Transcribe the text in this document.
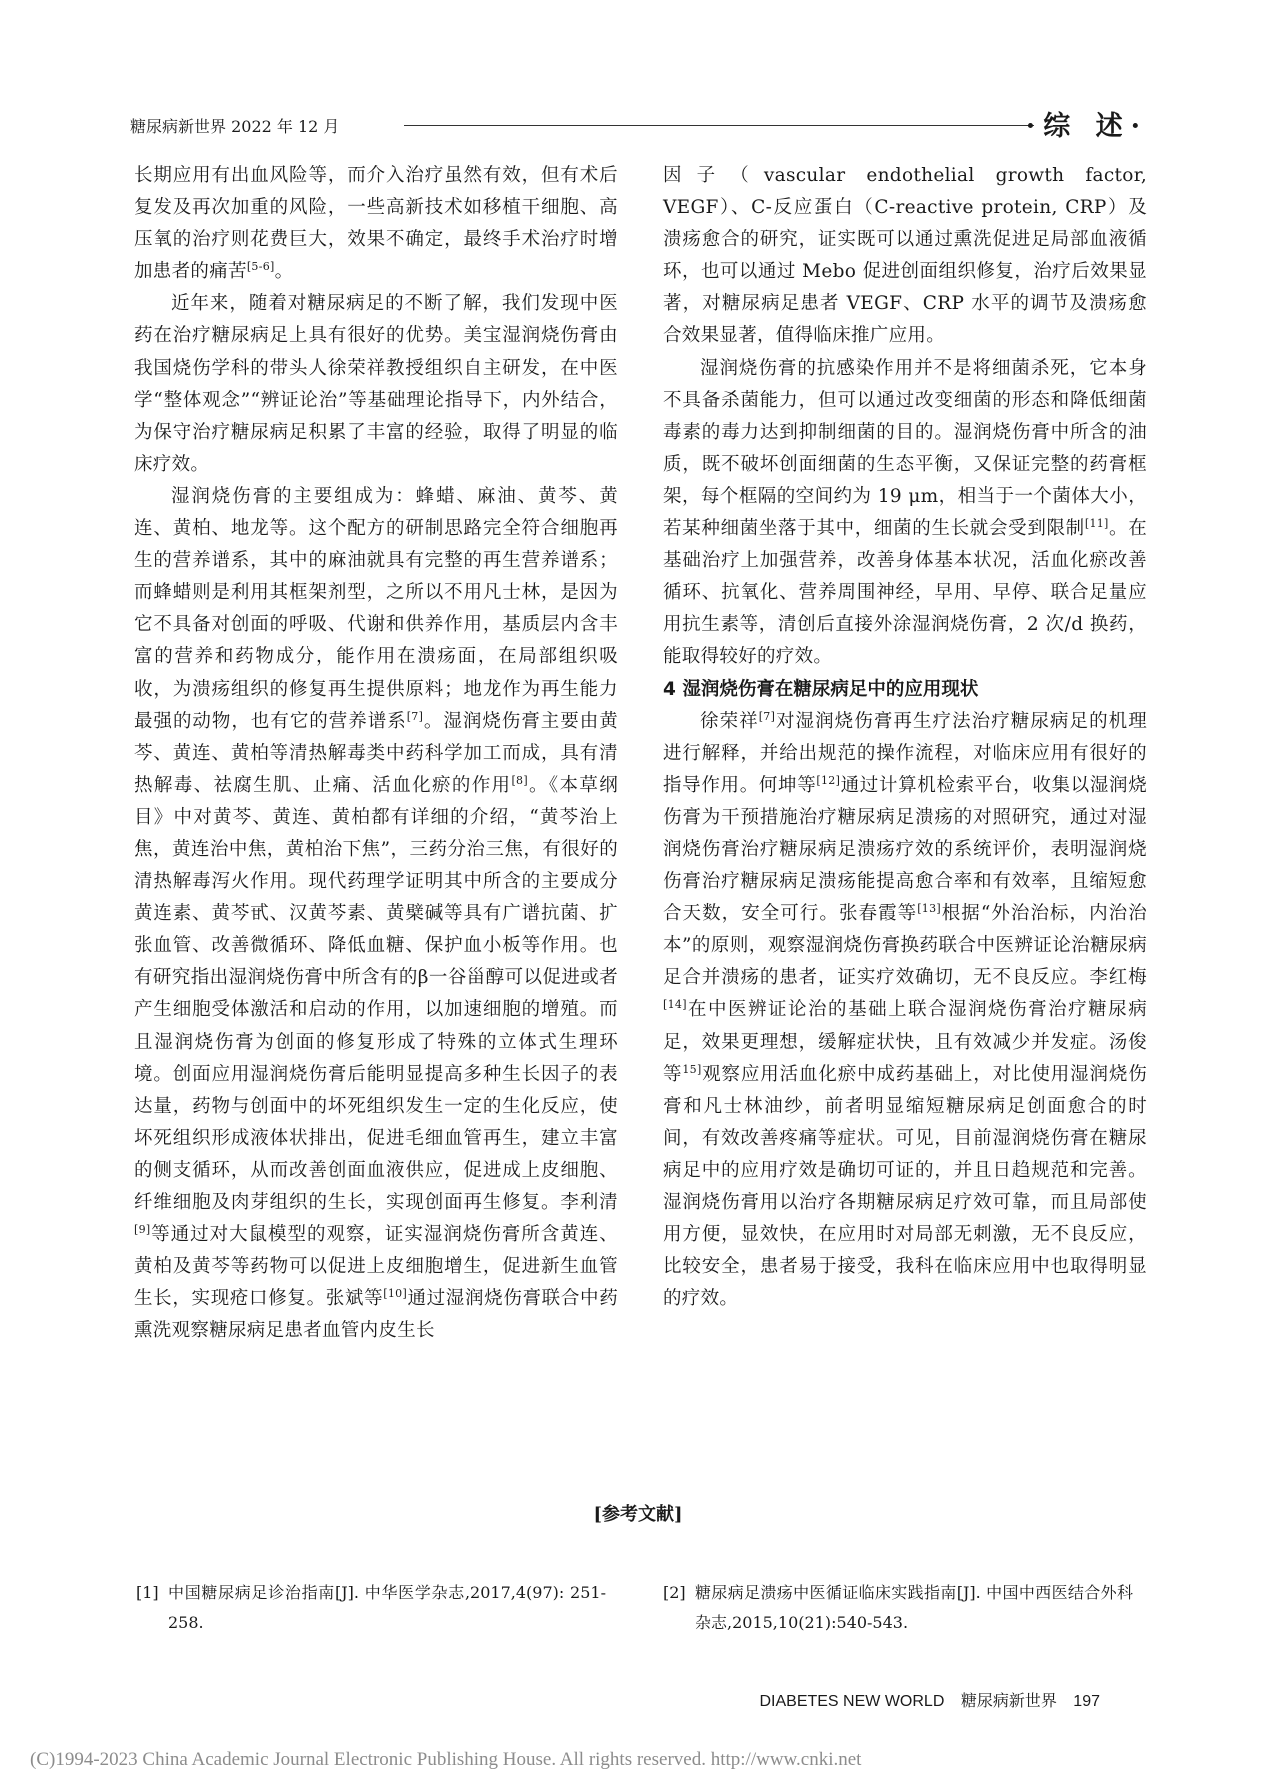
糖尿病新世界 2022 年 12 月	·综 述·

长期应用有出血风险等，而介入治疗虽然有效，但有术后复发及再次加重的风险，一些高新技术如移植干细胞、高压氧的治疗则花费巨大，效果不确定，最终手术治疗时增加患者的痛苦[5-6]。

近年来，随着对糖尿病足的不断了解，我们发现中医药在治疗糖尿病足上具有很好的优势。美宝湿润烧伤膏由我国烧伤学科的带头人徐荣祥教授组织自主研发，在中医学“整体观念”“辨证论治”等基础理论指导下，内外结合，为保守治疗糖尿病足积累了丰富的经验，取得了明显的临床疗效。

湿润烧伤膏的主要组成为：蜂蜡、麻油、黄芩、黄连、黄柏、地龙等。这个配方的研制思路完全符合细胞再生的营养谱系，其中的麻油就具有完整的再生营养谱系；而蜂蜡则是利用其框架剂型，之所以不用凡士林，是因为它不具备对创面的呼吸、代谢和供养作用，基质层内含丰富的营养和药物成分，能作用在溃疡面，在局部组织吸收，为溃疡组织的修复再生提供原料；地龙作为再生能力最强的动物，也有它的营养谱系[7]。湿润烧伤膏主要由黄芩、黄连、黄柏等清热解毒类中药科学加工而成，具有清热解毒、祛腐生肌、止痛、活血化瘀的作用[8]。《本草纲目》中对黄芩、黄连、黄柏都有详细的介绍，“黄芩治上焦，黄连治中焦，黄柏治下焦”，三药分治三焦，有很好的清热解毒泻火作用。现代药理学证明其中所含的主要成分黄连素、黄芩甙、汉黄芩素、黄檗碱等具有广谱抗菌、扩张血管、改善微循环、降低血糖、保护血小板等作用。也有研究指出湿润烧伤膏中所含有的β一谷甾醇可以促进或者产生细胞受体激活和启动的作用，以加速细胞的增殖。而且湿润烧伤膏为创面的修复形成了特殊的立体式生理环境。创面应用湿润烧伤膏后能明显提高多种生长因子的表达量，药物与创面中的坏死组织发生一定的生化反应，使坏死组织形成液体状排出，促进毛细血管再生，建立丰富的侧支循环，从而改善创面血液供应，促进成上皮细胞、纤维细胞及肉芽组织的生长，实现创面再生修复。李利清[9]等通过对大鼠模型的观察，证实湿润烧伤膏所含黄连、黄柏及黄芩等药物可以促进上皮细胞增生，促进新生血管生长，实现疮口修复。张斌等[10]通过湿润烧伤膏联合中药熏洗观察糖尿病足患者血管内皮生长

因子（vascular endothelial growth factor, VEGF）、C-反应蛋白（C-reactive protein, CRP）及溃疡愈合的研究，证实既可以通过熏洗促进足局部血液循环，也可以通过 Mebo 促进创面组织修复，治疗后效果显著，对糖尿病足患者 VEGF、CRP 水平的调节及溃疡愈合效果显著，值得临床推广应用。

湿润烧伤膏的抗感染作用并不是将细菌杀死，它本身不具备杀菌能力，但可以通过改变细菌的形态和降低细菌毒素的毒力达到抑制细菌的目的。湿润烧伤膏中所含的油质，既不破坏创面细菌的生态平衡，又保证完整的药膏框架，每个框隔的空间约为 19 μm，相当于一个菌体大小，若某种细菌坐落于其中，细菌的生长就会受到限制[11]。在基础治疗上加强营养，改善身体基本状况，活血化瘀改善循环、抗氧化、营养周围神经，早用、早停、联合足量应用抗生素等，清创后直接外涂湿润烧伤膏，2 次/d 换药，能取得较好的疗效。

4 湿润烧伤膏在糖尿病足中的应用现状

徐荣祥[7]对湿润烧伤膏再生疗法治疗糖尿病足的机理进行解释，并给出规范的操作流程，对临床应用有很好的指导作用。何坤等[12]通过计算机检索平台，收集以湿润烧伤膏为干预措施治疗糖尿病足溃疡的对照研究，通过对湿润烧伤膏治疗糖尿病足溃疡疗效的系统评价，表明湿润烧伤膏治疗糖尿病足溃疡能提高愈合率和有效率，且缩短愈合天数，安全可行。张春霞等[13]根据“外治治标，内治治本”的原则，观察湿润烧伤膏换药联合中医辨证论治糖尿病足合并溃疡的患者，证实疗效确切，无不良反应。李红梅[14]在中医辨证论治的基础上联合湿润烧伤膏治疗糖尿病足，效果更理想，缓解症状快，且有效减少并发症。汤俊等$^{15]}$观察应用活血化瘀中成药基础上，对比使用湿润烧伤膏和凡士林油纱，前者明显缩短糖尿病足创面愈合的时间，有效改善疼痛等症状。可见，目前湿润烧伤膏在糖尿病足中的应用疗效是确切可证的，并且日趋规范和完善。湿润烧伤膏用以治疗各期糖尿病足疗效可靠，而且局部使用方便，显效快，在应用时对局部无刺激，无不良反应，比较安全，患者易于接受，我科在临床应用中也取得明显的疗效。

[参考文献]
[1] 中国糖尿病足诊治指南[J]. 中华医学杂志,2017,4(97): 251-258.
[2] 糖尿病足溃疡中医循证临床实践指南[J]. 中国中西医结合外科杂志,2015,10(21):540-543.
DIABETES NEW WORLD 糖尿病新世界 197
(C)1994-2023 China Academic Journal Electronic Publishing House. All rights reserved. http://www.cnki.net
